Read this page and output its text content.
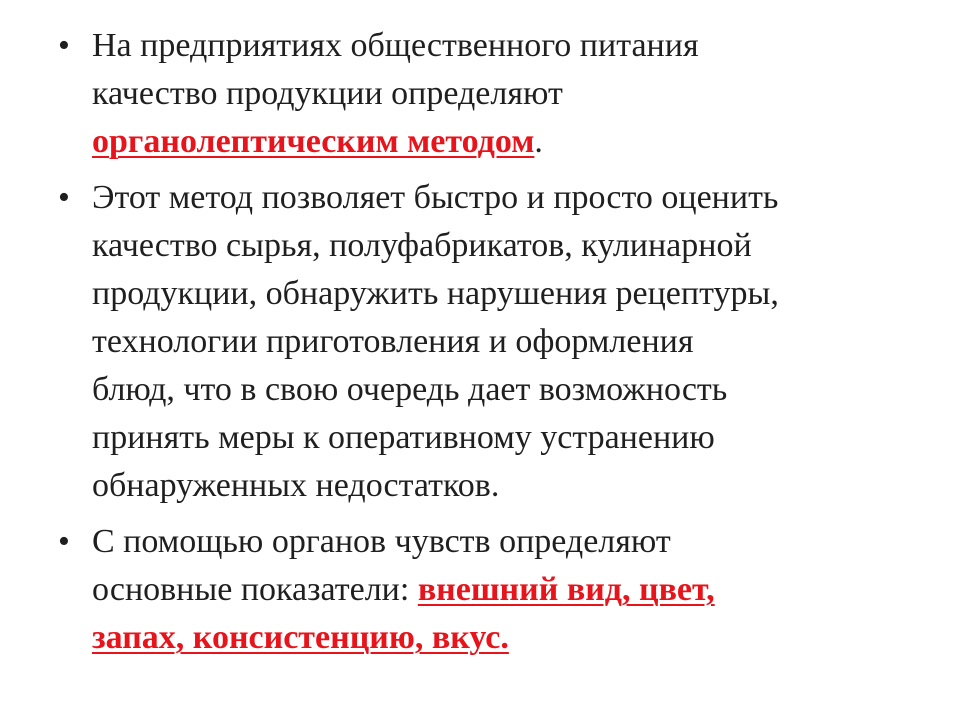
• На предприятиях общественного питания
качество продукции определяют
органолептическим методом.
• Этот метод позволяет быстро и просто оценить
качество сырья, полуфабрикатов, кулинарной
продукции, обнаружить нарушения рецептуры,
технологии приготовления и оформления
блюд, что в свою очередь дает возможность
принять меры к оперативному устранению
обнаруженных недостатков.
• С помощью органов чувств определяют
основные показатели: внешний вид, цвет,
запах, консистенцию, вкус.
